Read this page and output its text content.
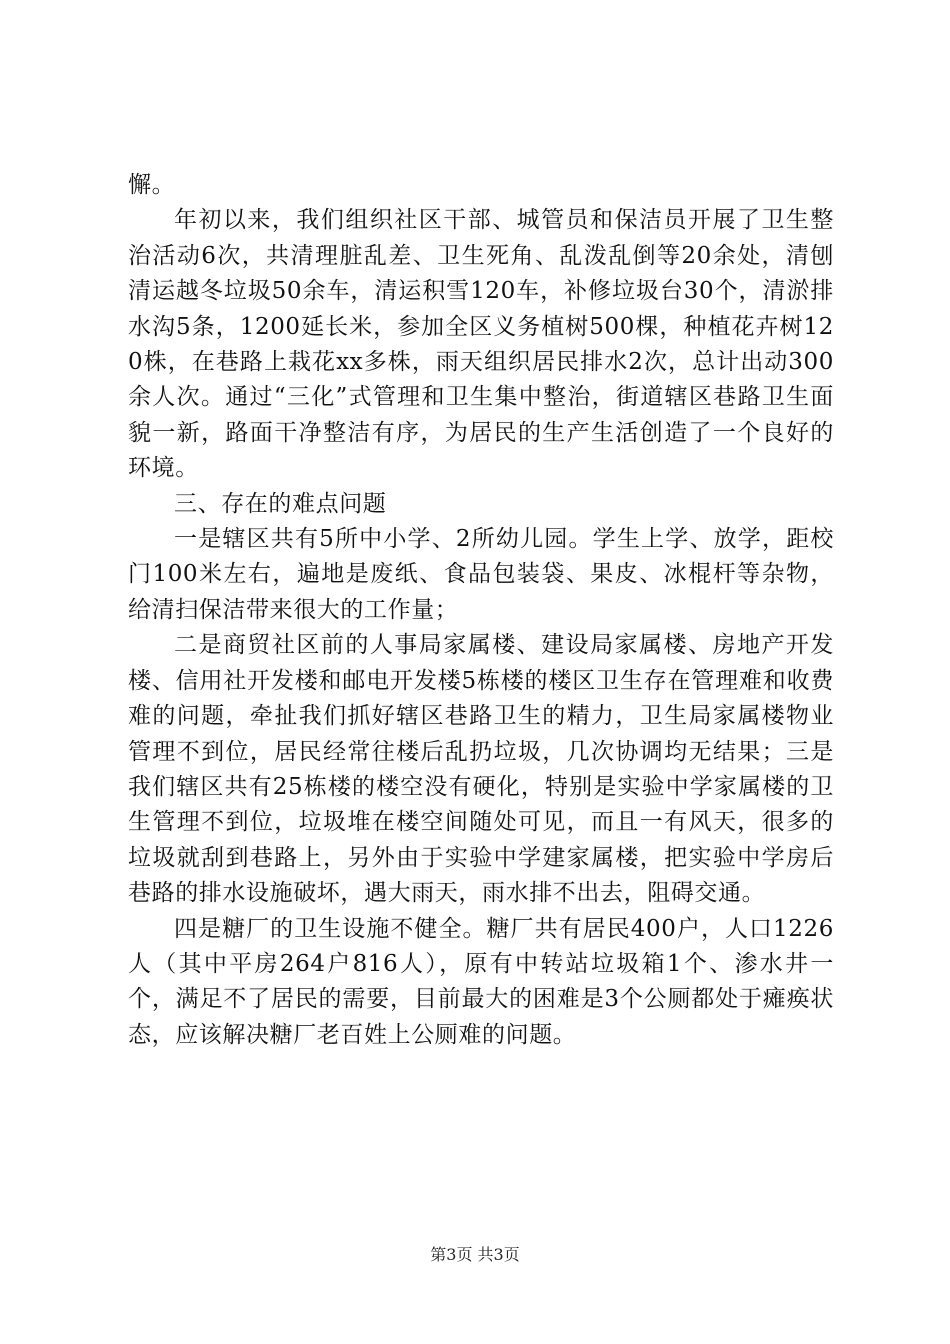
懈。

年初以来，我们组织社区干部、城管员和保洁员开展了卫生整治活动6次，共清理脏乱差、卫生死角、乱泼乱倒等20余处，清刨清运越冬垃圾50余车，清运积雪120车，补修垃圾台30个，清淤排水沟5条，1200延长米，参加全区义务植树500棵，种植花卉树120株，在巷路上栽花xx多株，雨天组织居民排水2次，总计出动300余人次。通过“三化”式管理和卫生集中整治，街道辖区巷路卫生面貌一新，路面干净整洁有序，为居民的生产生活创造了一个良好的环境。

三、存在的难点问题

一是辖区共有5所中小学、2所幼儿园。学生上学、放学，距校门100米左右，遍地是废纸、食品包装袋、果皮、冰棍杆等杂物，给清扫保洁带来很大的工作量；

二是商贸社区前的人事局家属楼、建设局家属楼、房地产开发楼、信用社开发楼和邮电开发楼5栋楼的楼区卫生存在管理难和收费难的问题，牵扯我们抓好辖区巷路卫生的精力，卫生局家属楼物业管理不到位，居民经常往楼后乱扔垃圾，几次协调均无结果；三是我们辖区共有25栋楼的楼空没有硬化，特别是实验中学家属楼的卫生管理不到位，垃圾堆在楼空间随处可见，而且一有风天，很多的垃圾就刮到巷路上，另外由于实验中学建家属楼，把实验中学房后巷路的排水设施破坏，遇大雨天，雨水排不出去，阻碍交通。

四是糖厂的卫生设施不健全。糖厂共有居民400户，人口1226人（其中平房264户816人），原有中转站垃圾箱1个、渗水井一个，满足不了居民的需要，目前最大的困难是3个公厕都处于瘫痪状态，应该解决糖厂老百姓上公厕难的问题。

第3页 共3页
